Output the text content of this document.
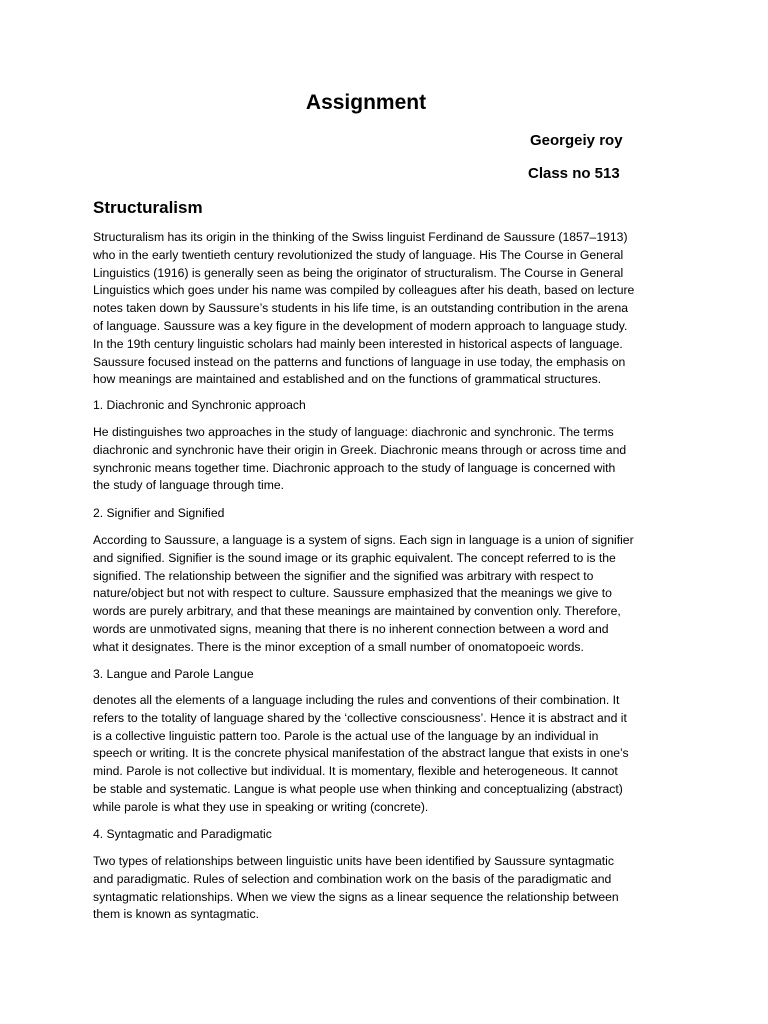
Assignment

Georgeiy roy

Class no 513

Structuralism

Structuralism has its origin in the thinking of the Swiss linguist Ferdinand de Saussure (1857–1913)
who in the early twentieth century revolutionized the study of language. His The Course in General
Linguistics (1916) is generally seen as being the originator of structuralism. The Course in General
Linguistics which goes under his name was compiled by colleagues after his death, based on lecture
notes taken down by Saussure’s students in his life time, is an outstanding contribution in the arena
of language. Saussure was a key figure in the development of modern approach to language study.
In the 19th century linguistic scholars had mainly been interested in historical aspects of language.
Saussure focused instead on the patterns and functions of language in use today, the emphasis on
how meanings are maintained and established and on the functions of grammatical structures.

1. Diachronic and Synchronic approach

He distinguishes two approaches in the study of language: diachronic and synchronic. The terms
diachronic and synchronic have their origin in Greek. Diachronic means through or across time and
synchronic means together time. Diachronic approach to the study of language is concerned with
the study of language through time.

2. Signifier and Signified

According to Saussure, a language is a system of signs. Each sign in language is a union of signifier
and signified. Signifier is the sound image or its graphic equivalent. The concept referred to is the
signified. The relationship between the signifier and the signified was arbitrary with respect to
nature/object but not with respect to culture. Saussure emphasized that the meanings we give to
words are purely arbitrary, and that these meanings are maintained by convention only. Therefore,
words are unmotivated signs, meaning that there is no inherent connection between a word and
what it designates. There is the minor exception of a small number of onomatopoeic words.

3. Langue and Parole Langue

denotes all the elements of a language including the rules and conventions of their combination. It
refers to the totality of language shared by the ‘collective consciousness’. Hence it is abstract and it
is a collective linguistic pattern too. Parole is the actual use of the language by an individual in
speech or writing. It is the concrete physical manifestation of the abstract langue that exists in one’s
mind. Parole is not collective but individual. It is momentary, flexible and heterogeneous. It cannot
be stable and systematic. Langue is what people use when thinking and conceptualizing (abstract)
while parole is what they use in speaking or writing (concrete).

4. Syntagmatic and Paradigmatic

Two types of relationships between linguistic units have been identified by Saussure syntagmatic
and paradigmatic. Rules of selection and combination work on the basis of the paradigmatic and
syntagmatic relationships. When we view the signs as a linear sequence the relationship between
them is known as syntagmatic.
